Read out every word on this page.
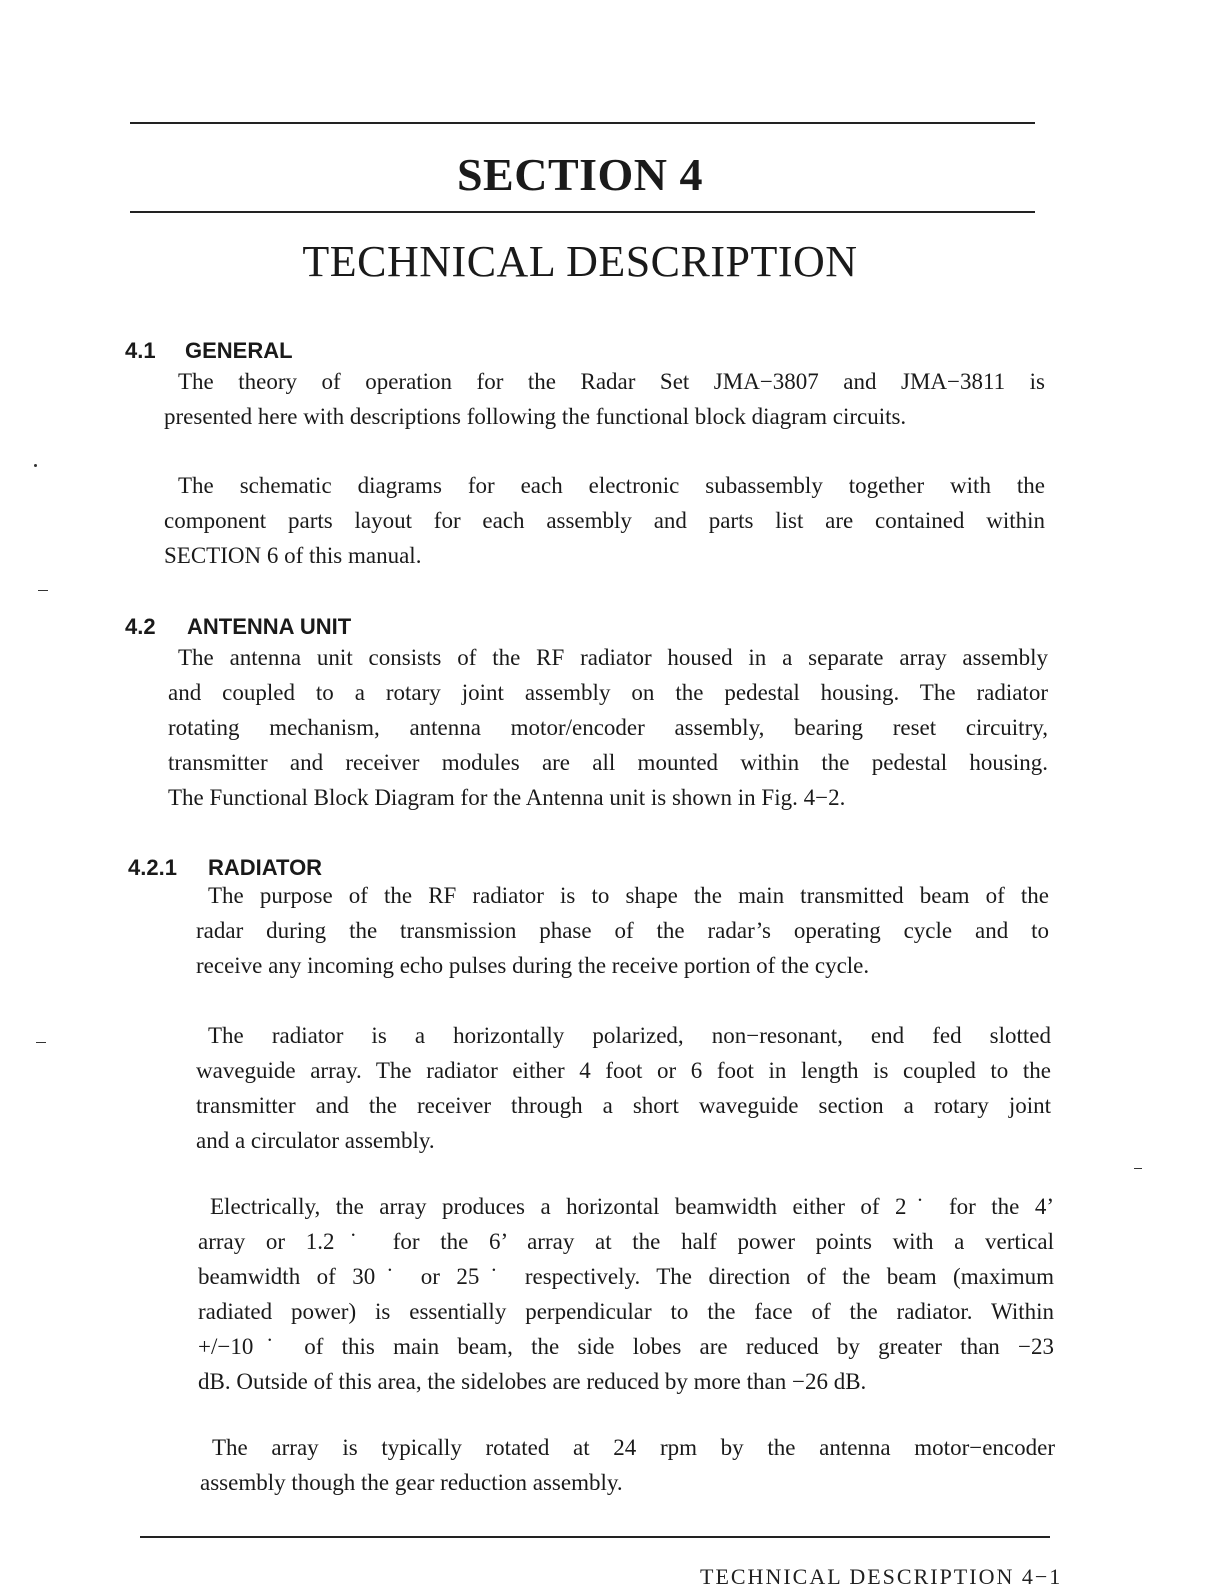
SECTION 4
TECHNICAL DESCRIPTION
4.1 GENERAL
The theory of operation for the Radar Set JMA−3807 and JMA−3811 is
presented here with descriptions following the functional block diagram circuits.
The schematic diagrams for each electronic subassembly together with the
component parts layout for each assembly and parts list are contained within
SECTION 6 of this manual.
4.2 ANTENNA UNIT
The antenna unit consists of the RF radiator housed in a separate array assembly
and coupled to a rotary joint assembly on the pedestal housing. The radiator
rotating mechanism, antenna motor/encoder assembly, bearing reset circuitry,
transmitter and receiver modules are all mounted within the pedestal housing.
The Functional Block Diagram for the Antenna unit is shown in Fig. 4−2.
4.2.1 RADIATOR
The purpose of the RF radiator is to shape the main transmitted beam of the
radar during the transmission phase of the radar’s operating cycle and to
receive any incoming echo pulses during the receive portion of the cycle.
The radiator is a horizontally polarized, non−resonant, end fed slotted
waveguide array. The radiator either 4 foot or 6 foot in length is coupled to the
transmitter and the receiver through a short waveguide section a rotary joint
and a circulator assembly.
Electrically, the array produces a horizontal beamwidth either of 2˙ for the 4’
array or 1.2˙ for the 6’ array at the half power points with a vertical
beamwidth of 30˙ or 25˙ respectively. The direction of the beam (maximum
radiated power) is essentially perpendicular to the face of the radiator. Within
+/−10˙ of this main beam, the side lobes are reduced by greater than −23
dB. Outside of this area, the sidelobes are reduced by more than −26 dB.
The array is typically rotated at 24 rpm by the antenna motor−encoder
assembly though the gear reduction assembly.
TECHNICAL DESCRIPTION 4−1
